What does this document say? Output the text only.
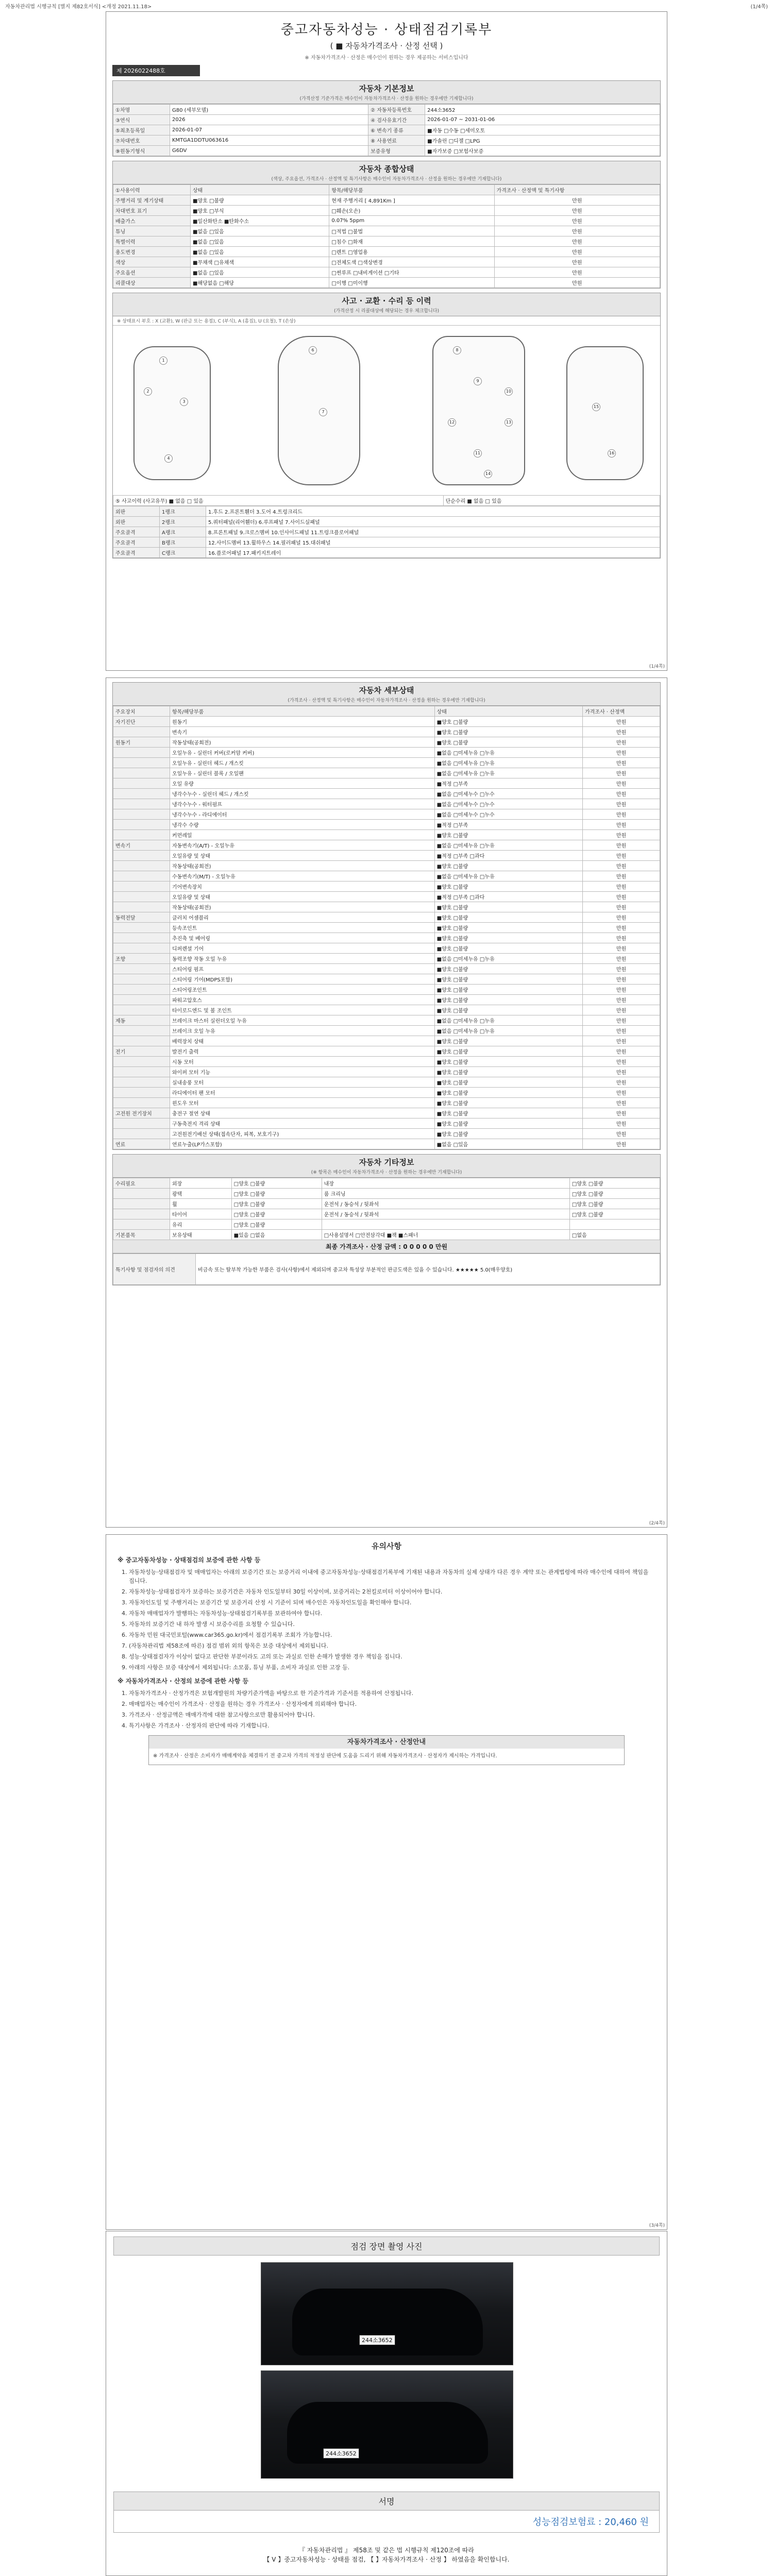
자동차관리법 시행규칙 [별지 제82호서식] <개정 2021.11.18>	(1/4쪽)
중고자동차성능 · 상태점검기록부
( ■ 자동차가격조사 · 산정 선택 )
※ 자동차가격조사 · 산정은 매수인이 원하는 경우 제공하는 서비스입니다
제 2026022488호
자동차 기본정보
(가격산정 기준가격은 매수인이 자동차가격조사 · 산정을 원하는 경우에만 기재합니다)
①차명	G80 (세부모델)	② 자동차등록번호	244소3652
③연식	2026	④ 검사유효기간	2026-01-07 ~ 2031-01-06
⑤최초등록일	2026-01-07	⑥ 변속기 종류	■자동 □수동 □세미오토
⑦차대번호	KMTGA1DDTU063616	⑧ 사용연료	■가솔린 □디젤 □LPG
⑨원동기형식	G6DV	보증유형	■자가보증 □보험사보증
자동차 종합상태
(색상, 주요옵션, 가격조사 · 산정액 및 특기사항은 매수인이 자동차가격조사 · 산정을 원하는 경우에만 기재합니다)
①사용이력	상태	항목/해당부품	가격조사 · 산정액 및 특기사항
주행거리 및 계기상태	■양호 □불량	현재 주행거리 [ 4,891Km ]	만원
차대번호 표기	■양호 □부식	□훼손(오손)	만원
배출가스	■일산화탄소 ■탄화수소	0.07% 5ppm	만원
튜닝	■없음 □있음	□적법 □불법	만원
특별이력	■없음 □있음	□침수 □화재	만원
용도변경	■없음 □있음	□렌트 □영업용	만원
색상	■무채색 □유채색	□전체도색 □색상변경	만원
주요옵션	■없음 □있음	□썬루프 □내비게이션 □기타	만원
리콜대상	■해당없음 □해당	□이행 □미이행	만원
사고 · 교환 · 수리 등 이력
(가격산정 시 리콜대상에 해당되는 경우 체크합니다)
※ 상태표시 부호 : X (교환), W (판금 또는 용접), C (부식), A (흠집), U (요철), T (손상)
1
2
3
4
6
7
8
9
10
11
12	13
14
15
16
⑤ 사고이력 (사고유무) ■ 없음 □ 있음	단순수리 ■ 없음 □ 있음
외판	1랭크	1.후드 2.프론트휀더 3.도어 4.트렁크리드
외판	2랭크	5.쿼터패널(리어휀더) 6.루프패널 7.사이드실패널
주요골격	A랭크	8.프론트패널 9.크로스멤버 10.인사이드패널 11.트렁크플로어패널
주요골격	B랭크	12.사이드멤버 13.휠하우스 14.필러패널 15.대쉬패널
주요골격	C랭크	16.플로어패널 17.패키지트레이
(1/4쪽)
자동차 세부상태
(가격조사 · 산정액 및 특기사항은 매수인이 자동차가격조사 · 산정을 원하는 경우에만 기재합니다)
주요장치	항목/해당부품	상태	가격조사 · 산정액
자기진단	원동기	■양호 □불량	만원
	변속기	■양호 □불량	만원
원동기	작동상태(공회전)	■양호 □불량	만원
	오일누유 - 실린더 커버(로커암 커버)	■없음 □미세누유 □누유	만원
	오일누유 - 실린더 헤드 / 개스킷	■없음 □미세누유 □누유	만원
	오일누유 - 실린더 블록 / 오일팬	■없음 □미세누유 □누유	만원
	오일 유량	■적정 □부족	만원
	냉각수누수 - 실린더 헤드 / 개스킷	■없음 □미세누수 □누수	만원
	냉각수누수 - 워터펌프	■없음 □미세누수 □누수	만원
	냉각수누수 - 라디에이터	■없음 □미세누수 □누수	만원
	냉각수 수량	■적정 □부족	만원
	커먼레일	■양호 □불량	만원
변속기	자동변속기(A/T) - 오일누유	■없음 □미세누유 □누유	만원
	오일유량 및 상태	■적정 □부족 □과다	만원
	작동상태(공회전)	■양호 □불량	만원
	수동변속기(M/T) - 오일누유	■없음 □미세누유 □누유	만원
	기어변속장치	■양호 □불량	만원
	오일유량 및 상태	■적정 □부족 □과다	만원
	작동상태(공회전)	■양호 □불량	만원
동력전달	클러치 어셈블리	■양호 □불량	만원
	등속조인트	■양호 □불량	만원
	추진축 및 베어링	■양호 □불량	만원
	디퍼렌셜 기어	■양호 □불량	만원
조향	동력조향 작동 오일 누유	■없음 □미세누유 □누유	만원
	스티어링 펌프	■양호 □불량	만원
	스티어링 기어(MDPS포함)	■양호 □불량	만원
	스티어링조인트	■양호 □불량	만원
	파워고압호스	■양호 □불량	만원
	타이로드엔드 및 볼 조인트	■양호 □불량	만원
제동	브레이크 마스터 실린더오일 누유	■없음 □미세누유 □누유	만원
	브레이크 오일 누유	■없음 □미세누유 □누유	만원
	배력장치 상태	■양호 □불량	만원
전기	발전기 출력	■양호 □불량	만원
	시동 모터	■양호 □불량	만원
	와이퍼 모터 기능	■양호 □불량	만원
	실내송풍 모터	■양호 □불량	만원
	라디에이터 팬 모터	■양호 □불량	만원
	윈도우 모터	■양호 □불량	만원
고전원 전기장치	충전구 절연 상태	■양호 □불량	만원
	구동축전지 격리 상태	■양호 □불량	만원
	고전원전기배선 상태(접속단자, 피복, 보호기구)	■양호 □불량	만원
연료	연료누출(LP가스포함)	■없음 □있음	만원
자동차 기타정보
(※ 항목은 매수인이 자동차가격조사 · 산정을 원하는 경우에만 기재합니다)
수리필요	외장	□양호 □불량	내장	□양호 □불량
	광택	□양호 □불량	룸 크리닝	□양호 □불량
	휠	□양호 □불량	운전석 / 동승석 / 뒷좌석	□양호 □불량
	타이어	□양호 □불량	운전석 / 동승석 / 뒷좌석	□양호 □불량
	유리	□양호 □불량		
기본품목	보유상태	■있음 □없음	□사용설명서 □안전삼각대 ■잭 ■스패너	□없음
최종 가격조사 · 산정 금액 : 0 0 0 0 0 만원
특기사항 및 점검자의 의견	비금속 또는 탈부착 가능한 부품은 검사(사항)에서 제외되며 중고차 특성상 부분적인 판금도색은 있을 수 있습니다. ★★★★★ 5.0(매우양호)
(2/4쪽)
유의사항
※ 중고자동차성능 · 상태점검의 보증에 관한 사항 등
1. 자동차성능·상태점검자 및 매매업자는 아래의 보증기간 또는 보증거리 이내에 중고자동차성능·상태점검기록부에 기재된 내용과 자동차의 실제 상태가 다른 경우 계약 또는 관계법령에 따라 매수인에 대하여 책임을 집니다.
2. 자동차성능·상태점검자가 보증하는 보증기간은 자동차 인도일부터 30일 이상이며, 보증거리는 2천킬로미터 이상이어야 합니다.
3. 자동차인도일 및 주행거리는 보증기간 및 보증거리 산정 시 기준이 되며 매수인은 자동차인도일을 확인해야 합니다.
4. 자동차 매매업자가 발행하는 자동차성능·상태점검기록부를 보관하여야 합니다.
5. 자동차의 보증기간 내 하자 발생 시 보증수리를 요청할 수 있습니다.
6. 자동차 민원 대국민포털(www.car365.go.kr)에서 점검기록부 조회가 가능합니다.
7. (자동차관리법 제58조에 따른) 점검 범위 외의 항목은 보증 대상에서 제외됩니다.
8. 성능·상태점검자가 이상이 없다고 판단한 부분이라도 고의 또는 과실로 인한 손해가 발생한 경우 책임을 집니다.
9. 아래의 사항은 보증 대상에서 제외됩니다: 소모품, 튜닝 부품, 소비자 과실로 인한 고장 등.
※ 자동차가격조사 · 산정의 보증에 관한 사항 등
1. 자동차가격조사 · 산정가격은 보험개발원의 차량기준가액을 바탕으로 한 기준가격과 기준서를 적용하여 산정됩니다.
2. 매매업자는 매수인이 가격조사 · 산정을 원하는 경우 가격조사 · 산정자에게 의뢰해야 합니다.
3. 가격조사 · 산정금액은 매매가격에 대한 참고사항으로만 활용되어야 합니다.
4. 특기사항은 가격조사 · 산정자의 판단에 따라 기재합니다.
자동차가격조사 · 산정안내
※ 가격조사 · 산정은 소비자가 매매계약을 체결하기 전 중고차 가격의 적정성 판단에 도움을 드리기 위해 자동차가격조사 · 산정자가 제시하는 가격입니다.
(3/4쪽)
점검 장면 촬영 사진
244소3652
244소3652
서명
성능점검보험료 : 20,460 원
『 자동차관리법 』 제58조 및 같은 법 시행규칙 제120조에 따라
【 V 】중고자동차성능 · 상태를 점검, 【 】자동차가격조사 · 산정 】 하였음을 확인합니다.
